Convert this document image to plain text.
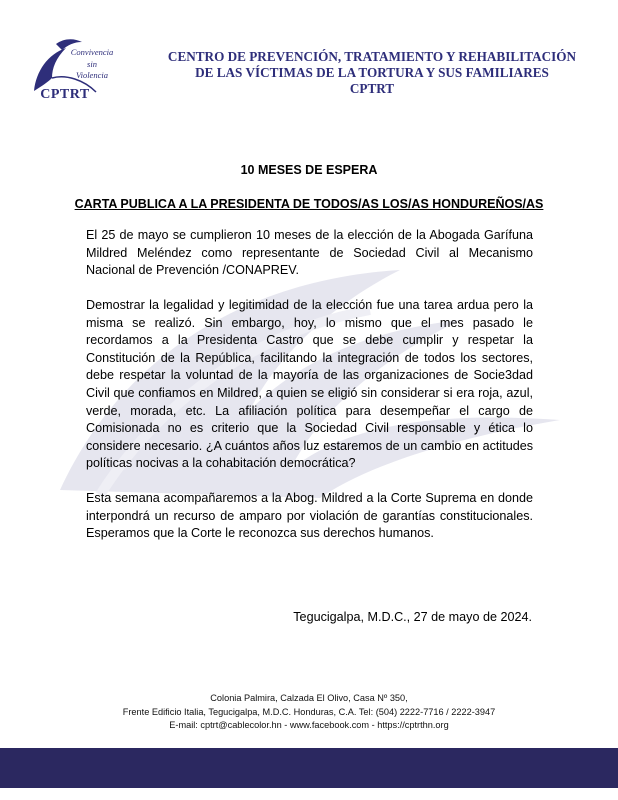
Convivencia
sin
Violencia
CPTRT
CENTRO DE PREVENCIÓN, TRATAMIENTO Y REHABILITACIÓN
DE LAS VÍCTIMAS DE LA TORTURA Y SUS FAMILIARES
CPTRT
10 MESES DE ESPERA
CARTA PUBLICA A LA PRESIDENTA DE TODOS/AS LOS/AS HONDUREÑOS/AS

El 25 de mayo se cumplieron 10 meses de la elección de la Abogada Garífuna Mildred Meléndez como representante de Sociedad Civil al Mecanismo Nacional de Prevención /CONAPREV.

Demostrar la legalidad y legitimidad de la elección fue una tarea ardua pero la misma se realizó. Sin embargo, hoy, lo mismo que el mes pasado le recordamos a la Presidenta Castro que se debe cumplir y respetar la Constitución de la República, facilitando la integración de todos los sectores, debe respetar la voluntad de la mayoría de las organizaciones de Socie3dad Civil que confiamos en Mildred, a quien se eligió sin considerar si era roja, azul, verde, morada, etc. La afiliación política para desempeñar el cargo de Comisionada no es criterio que la Sociedad Civil responsable y ética lo considere necesario. ¿A cuántos años luz estaremos de un cambio en actitudes políticas nocivas a la cohabitación democrática?

Esta semana acompañaremos a la Abog. Mildred a la Corte Suprema en donde interpondrá un recurso de amparo por violación de garantías constitucionales. Esperamos que la Corte le reconozca sus derechos humanos.

Tegucigalpa, M.D.C., 27 de mayo de 2024.
Colonia Palmira, Calzada El Olivo, Casa Nº 350,
Frente Edificio Italia, Tegucigalpa, M.D.C. Honduras, C.A. Tel: (504) 2222-7716 / 2222-3947
E-mail: cptrt@cablecolor.hn - www.facebook.com - https://cptrthn.org
